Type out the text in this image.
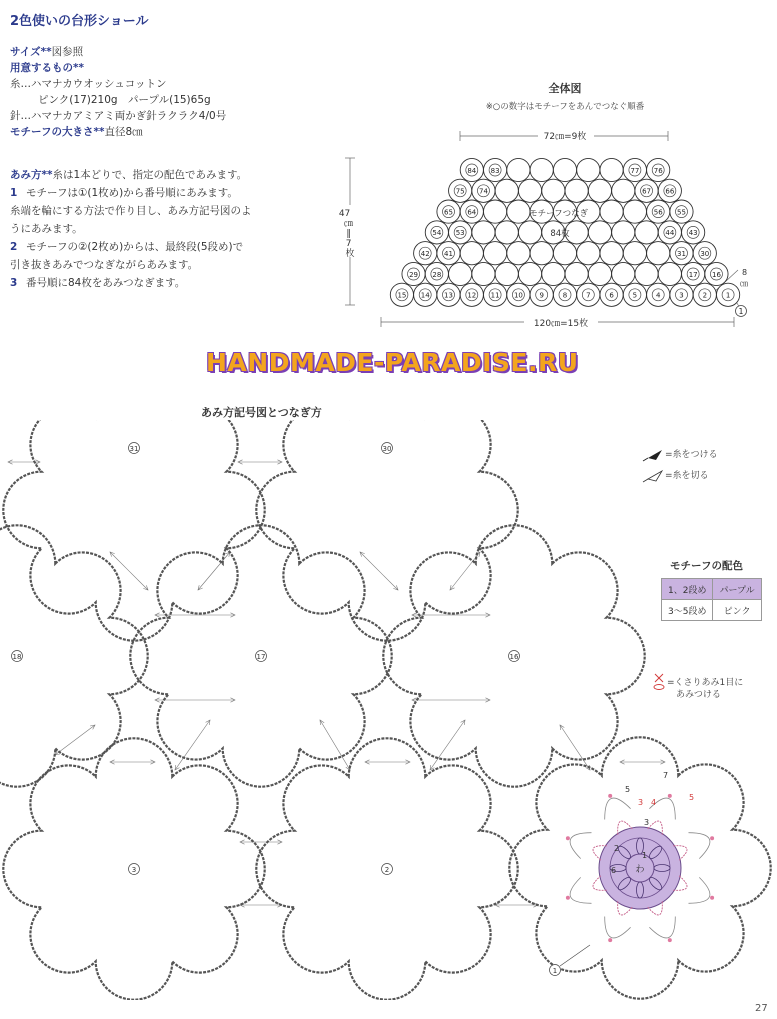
2色使いの台形ショール
サイズ**図参照
用意するもの**
糸…ハマナカウオッシュコットン
ピンク(17)210g　パープル(15)65g
針…ハマナカアミアミ両かぎ針ラクラク4/0号
モチーフの大きさ**直径8㎝
あみ方**糸は1本どりで、指定の配色であみます。
1 モチーフは①(1枚め)から番号順にあみます。
糸端を輪にする方法で作り目し、あみ方記号図のよ
うにあみます。
2 モチーフの②(2枚め)からは、最終段(5段め)で
引き抜きあみでつなぎながらあみます。
3 番号順に84枚をあみつなぎます。
全体図
※○の数字はモチーフをあんでつなぐ順番
72㎝=9枚
47 ㎝ ‖ 7 枚
120㎝=15枚
8 ㎝
84 83	77 76
75 74	67 66
65 64	56 55
54 53	44 43
42 41	31 30
29 28	17 16
15 14 13 12 11 10 9	8	7	6	5	4	3	2	1
モチーフつなぎ 84枚
1
HANDMADE-PARADISE.RU
あみ方記号図とつなぎ方
わ
31	30
18	17	16
3	2
1
1
2
3
4
5
6
7
5
3
=糸をつける
=糸を切る
=くさりあみ1目に
あみつける
モチーフの配色
1、2段め	パープル
3〜5段め	ピンク
27
